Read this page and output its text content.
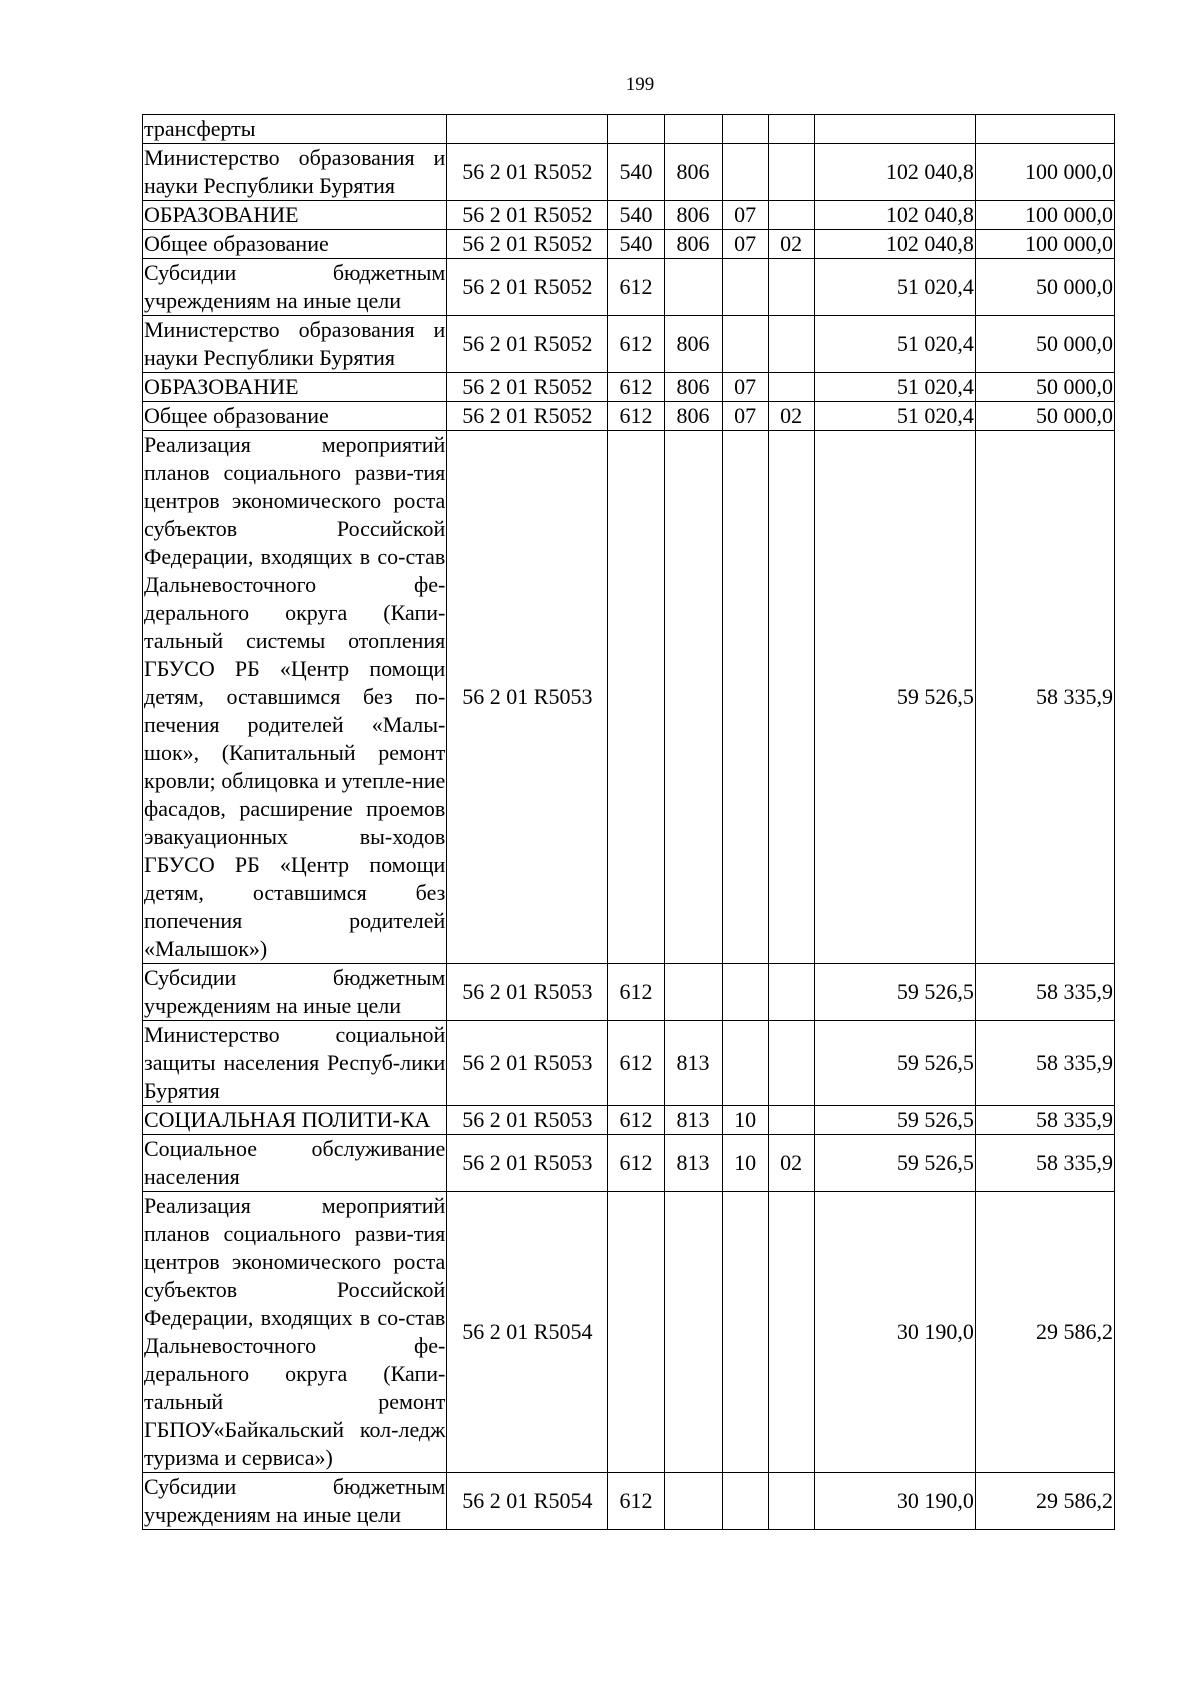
199
трансферты							
Министерство образования и науки Республики Бурятия	56 2 01 R5052	540	806			102 040,8	100 000,0
ОБРАЗОВАНИЕ	56 2 01 R5052	540	806	07		102 040,8	100 000,0
Общее образование	56 2 01 R5052	540	806	07	02	102 040,8	100 000,0
Субсидии бюджетным учреждениям на иные цели	56 2 01 R5052	612				51 020,4	50 000,0
Министерство образования и науки Республики Бурятия	56 2 01 R5052	612	806			51 020,4	50 000,0
ОБРАЗОВАНИЕ	56 2 01 R5052	612	806	07		51 020,4	50 000,0
Общее образование	56 2 01 R5052	612	806	07	02	51 020,4	50 000,0
Реализация мероприятий планов социального разви-тия центров экономического роста субъектов Российской Федерации, входящих в со-став Дальневосточного фе-дерального округа (Капи-тальный системы отопления ГБУСО РБ «Центр помощи детям, оставшимся без по-печения родителей «Малы-шок», (Капитальный ремонт кровли; облицовка и утепле-ние фасадов, расширение проемов эвакуационных вы-ходов ГБУСО РБ «Центр помощи детям, оставшимся без попечения родителей «Малышок»)	56 2 01 R5053					59 526,5	58 335,9
Субсидии бюджетным учреждениям на иные цели	56 2 01 R5053	612				59 526,5	58 335,9
Министерство социальной защиты населения Респуб-лики Бурятия	56 2 01 R5053	612	813			59 526,5	58 335,9
СОЦИАЛЬНАЯ ПОЛИТИ-КА	56 2 01 R5053	612	813	10		59 526,5	58 335,9
Социальное обслуживание населения	56 2 01 R5053	612	813	10	02	59 526,5	58 335,9
Реализация мероприятий планов социального разви-тия центров экономического роста субъектов Российской Федерации, входящих в со-став Дальневосточного фе-дерального округа (Капи-тальный ремонт ГБПОУ«Байкальский кол-ледж туризма и сервиса»)	56 2 01 R5054					30 190,0	29 586,2
Субсидии бюджетным учреждениям на иные цели	56 2 01 R5054	612				30 190,0	29 586,2
